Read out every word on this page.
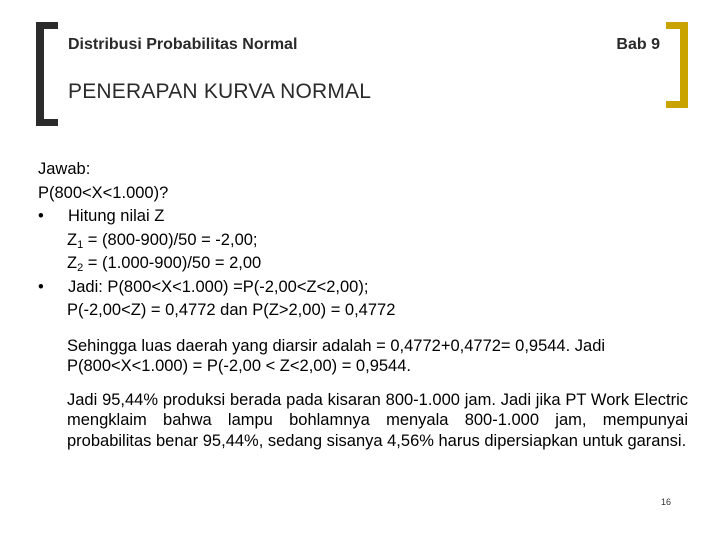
Distribusi Probabilitas Normal	Bab 9
PENERAPAN KURVA NORMAL
Jawab:
P(800<X<1.000)?
•	Hitung nilai Z
$Z_1 = (800-900)/50 = -2,00$;
$Z_2 = (1.000-900)/50 = 2,00$
•	Jadi: P(800<X<1.000) =P(-2,00<Z<2,00);
P(-2,00<Z) = 0,4772 dan P(Z>2,00) = 0,4772
Sehingga luas daerah yang diarsir adalah = 0,4772+0,4772= 0,9544. Jadi P(800<X<1.000) = P(-2,00 < Z<2,00) = 0,9544.
Jadi 95,44% produksi berada pada kisaran 800-1.000 jam. Jadi jika PT Work Electric mengklaim bahwa lampu bohlamnya menyala 800-1.000 jam, mempunyai probabilitas benar 95,44%, sedang sisanya 4,56% harus dipersiapkan untuk garansi.
16
